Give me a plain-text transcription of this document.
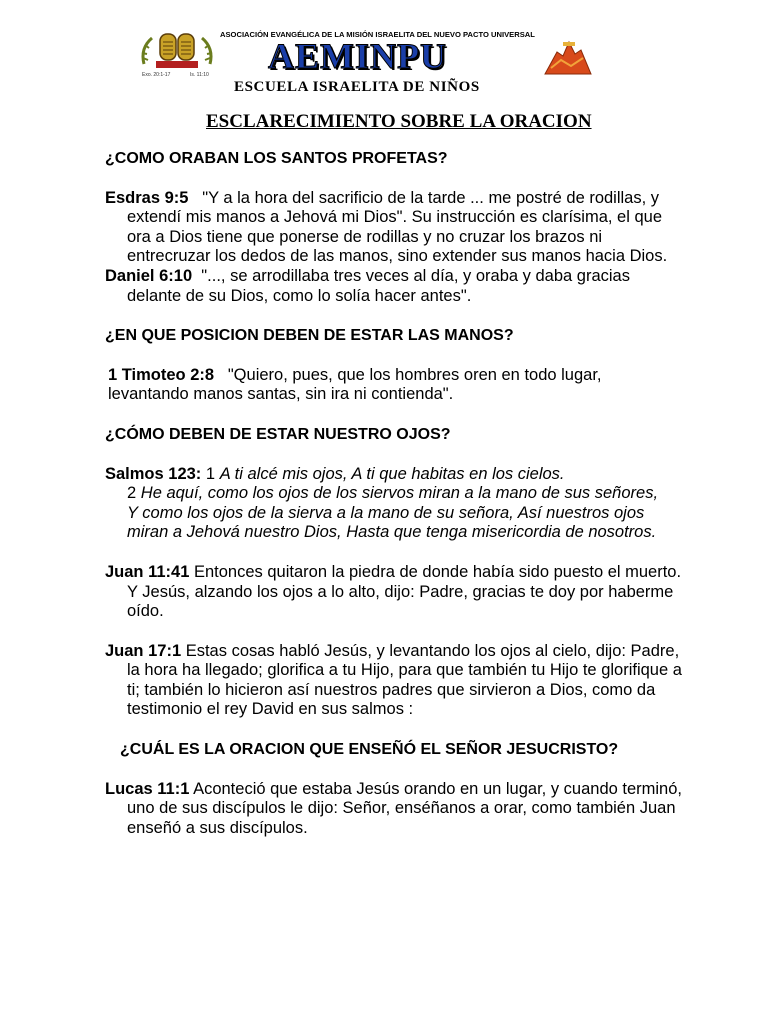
Exo. 20:1-17	Is. 11:10
ASOCIACIÓN EVANGÉLICA DE LA MISIÓN ISRAELITA DEL NUEVO PACTO UNIVERSAL
AEMINPU
ESCUELA ISRAELITA DE NIÑOS
ESCLARECIMIENTO SOBRE LA ORACION

¿COMO ORABAN LOS SANTOS PROFETAS?

Esdras 9:5 "Y a la hora del sacrificio de la tarde ... me postré de rodillas, y extendí mis manos a Jehová mi Dios". Su instrucción es clarísima, el que ora a Dios tiene que ponerse de rodillas y no cruzar los brazos ni entrecruzar los dedos de las manos, sino extender sus manos hacia Dios.

Daniel 6:10 "..., se arrodillaba tres veces al día, y oraba y daba gracias delante de su Dios, como lo solía hacer antes".

¿EN QUE POSICION DEBEN DE ESTAR LAS MANOS?

1 Timoteo 2:8 "Quiero, pues, que los hombres oren en todo lugar, levantando manos santas, sin ira ni contienda".

¿CÓMO DEBEN DE ESTAR NUESTRO OJOS?

Salmos 123: 1 A ti alcé mis ojos, A ti que habitas en los cielos.
2 He aquí, como los ojos de los siervos miran a la mano de sus señores,
Y como los ojos de la sierva a la mano de su señora, Así nuestros ojos miran a Jehová nuestro Dios, Hasta que tenga misericordia de nosotros.

Juan 11:41 Entonces quitaron la piedra de donde había sido puesto el muerto. Y Jesús, alzando los ojos a lo alto, dijo: Padre, gracias te doy por haberme oído.

Juan 17:1 Estas cosas habló Jesús, y levantando los ojos al cielo, dijo: Padre, la hora ha llegado; glorifica a tu Hijo, para que también tu Hijo te glorifique a ti; también lo hicieron así nuestros padres que sirvieron a Dios, como da testimonio el rey David en sus salmos :

¿CUÁL ES LA ORACION QUE ENSEÑÓ EL SEÑOR JESUCRISTO?

Lucas 11:1 Aconteció que estaba Jesús orando en un lugar, y cuando terminó, uno de sus discípulos le dijo: Señor, enséñanos a orar, como también Juan enseñó a sus discípulos.
